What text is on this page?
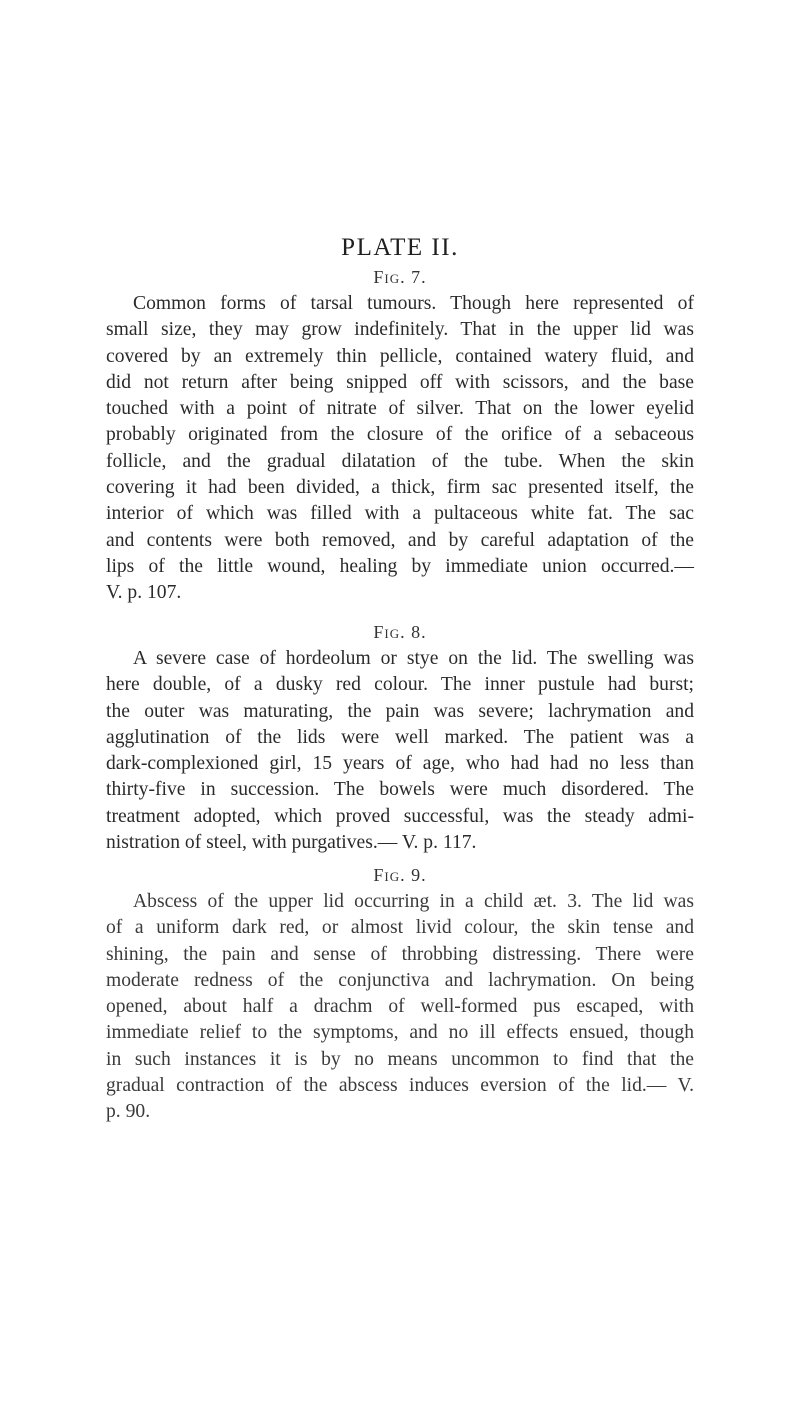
PLATE II.
Fig. 7.

Common forms of tarsal tumours. Though here represented of
small size, they may grow indefinitely. That in the upper lid was
covered by an extremely thin pellicle, contained watery fluid, and
did not return after being snipped off with scissors, and the base
touched with a point of nitrate of silver. That on the lower eyelid
probably originated from the closure of the orifice of a sebaceous
follicle, and the gradual dilatation of the tube. When the skin
covering it had been divided, a thick, firm sac presented itself, the
interior of which was filled with a pultaceous white fat. The sac
and contents were both removed, and by careful adaptation of the
lips of the little wound, healing by immediate union occurred.—
V. p. 107.

Fig. 8.

A severe case of hordeolum or stye on the lid. The swelling was
here double, of a dusky red colour. The inner pustule had burst;
the outer was maturating, the pain was severe; lachrymation and
agglutination of the lids were well marked. The patient was a
dark-complexioned girl, 15 years of age, who had had no less than
thirty-five in succession. The bowels were much disordered. The
treatment adopted, which proved successful, was the steady admi-
nistration of steel, with purgatives.— V. p. 117.

Fig. 9.

Abscess of the upper lid occurring in a child æt. 3. The lid was
of a uniform dark red, or almost livid colour, the skin tense and
shining, the pain and sense of throbbing distressing. There were
moderate redness of the conjunctiva and lachrymation. On being
opened, about half a drachm of well-formed pus escaped, with
immediate relief to the symptoms, and no ill effects ensued, though
in such instances it is by no means uncommon to find that the
gradual contraction of the abscess induces eversion of the lid.— V.
p. 90.
